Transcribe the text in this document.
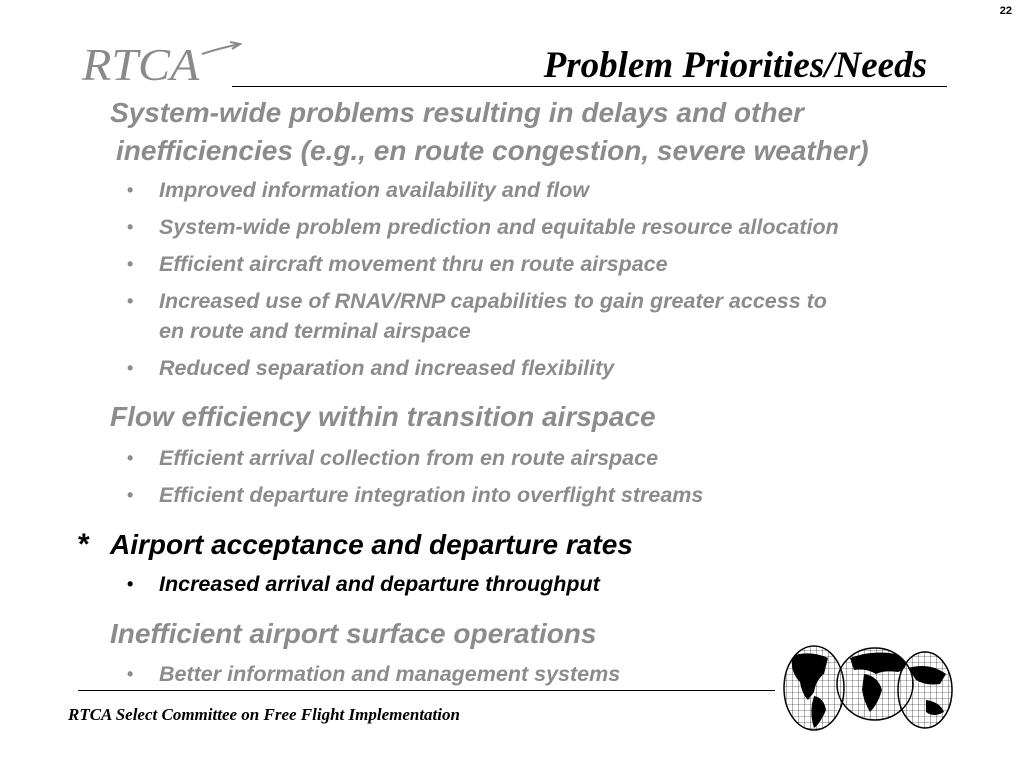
22
RTCA	Problem Priorities/Needs
System-wide problems resulting in delays and other
inefficiencies (e.g., en route congestion, severe weather)
• Improved information availability and flow
• System-wide problem prediction and equitable resource allocation
• Efficient aircraft movement thru en route airspace
• Increased use of RNAV/RNP capabilities to gain greater access to
en route and terminal airspace
• Reduced separation and increased flexibility
Flow efficiency within transition airspace
• Efficient arrival collection from en route airspace
• Efficient departure integration into overflight streams
* Airport acceptance and departure rates
• Increased arrival and departure throughput
Inefficient airport surface operations
• Better information and management systems
RTCA Select Committee on Free Flight Implementation
